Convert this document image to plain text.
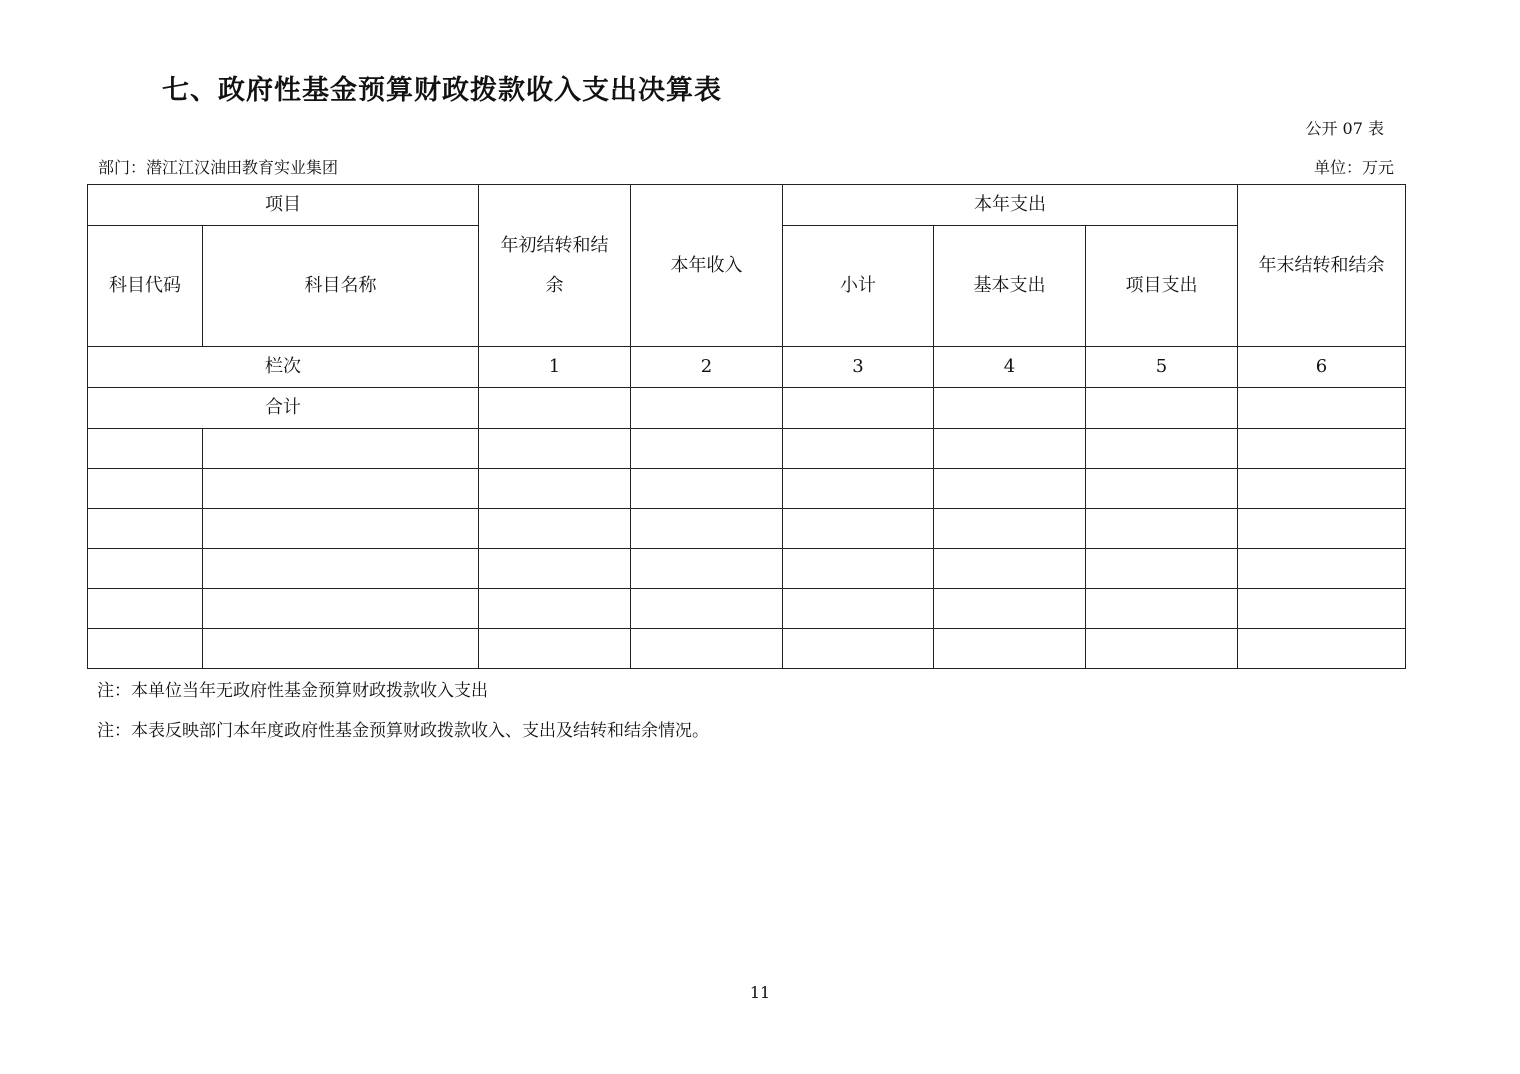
七、政府性基金预算财政拨款收入支出决算表
公开 07 表
部门：潜江江汉油田教育实业集团	单位：万元
项目		年初结转和结余	本年收入	本年支出			年末结转和结余
科目代码	科目名称			小计	基本支出	项目支出	
栏次		1	2	3	4	5	6
合计							

注：本单位当年无政府性基金预算财政拨款收入支出
注：本表反映部门本年度政府性基金预算财政拨款收入、支出及结转和结余情况。
11
